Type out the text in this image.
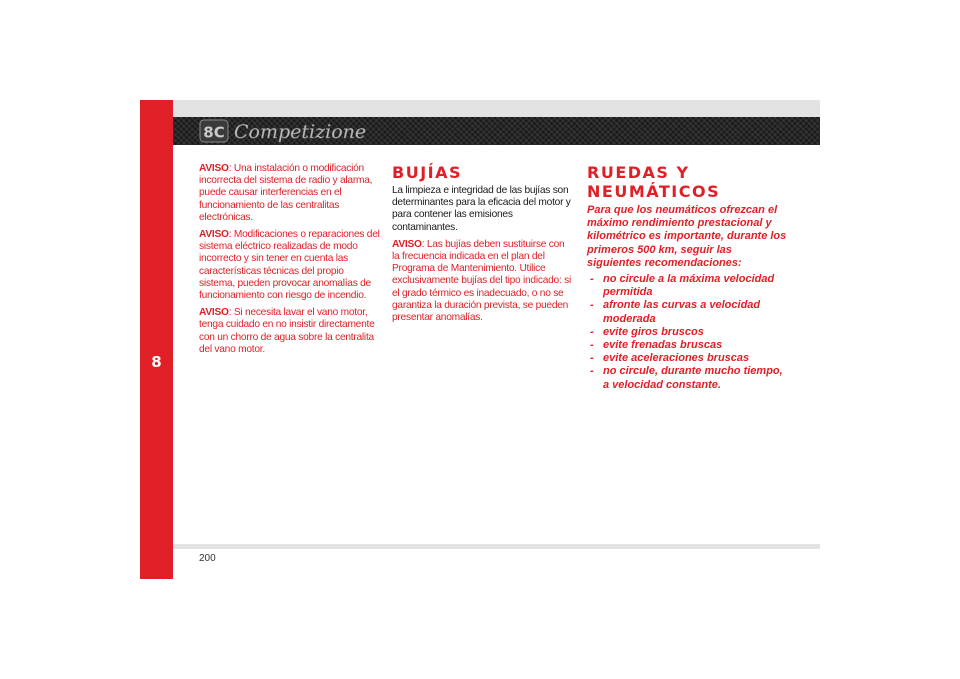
8
8C Competizione

AVISO: Una instalación o modificación incorrecta del sistema de radio y alarma, puede causar interferencias en el funcionamiento de las centralitas electrónicas.

AVISO: Modificaciones o reparaciones del sistema eléctrico realizadas de modo incorrecto y sin tener en cuenta las características técnicas del propio sistema, pueden provocar anomalías de funcionamiento con riesgo de incendio.

AVISO: Si necesita lavar el vano motor, tenga cuidado en no insistir directamente con un chorro de agua sobre la centralita del vano motor.

BUJÍAS

La limpieza e integridad de las bujías son determinantes para la eficacia del motor y para contener las emisiones contaminantes.

AVISO: Las bujías deben sustituirse con la frecuencia indicada en el plan del Programa de Mantenimiento. Utilice exclusivamente bujías del tipo indicado: si el grado térmico es inadecuado, o no se garantiza la duración prevista, se pueden presentar anomalías.

RUEDAS Y NEUMÁTICOS

Para que los neumáticos ofrezcan el máximo rendimiento prestacional y kilométrico es importante, durante los primeros 500 km, seguir las siguientes recomendaciones:

- no circule a la máxima velocidad permitida
- afronte las curvas a velocidad moderada
- evite giros bruscos
- evite frenadas bruscas
- evite aceleraciones bruscas
- no circule, durante mucho tiempo, a velocidad constante.
200
